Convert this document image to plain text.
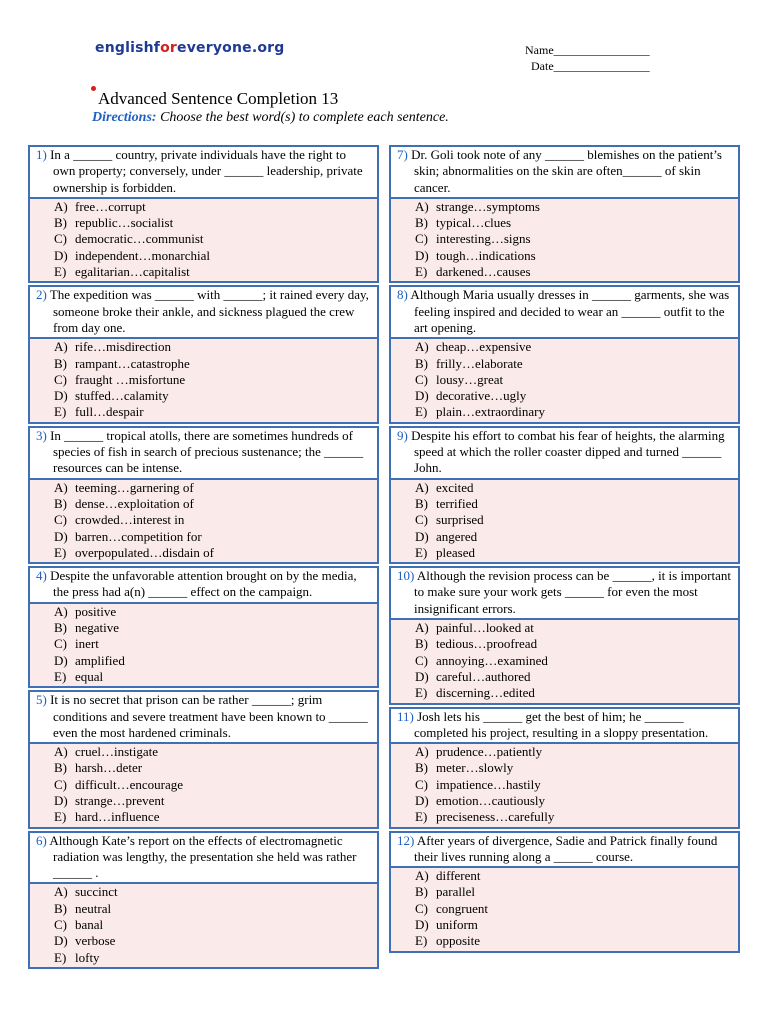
englishforeveryone.org	Name________________
Date________________
Advanced Sentence Completion 13
Directions: Choose the best word(s) to complete each sentence.
1) In a ______ country, private individuals have the right to own property; conversely, under ______ leadership, private ownership is forbidden.
A) free…corrupt
B) republic…socialist
C) democratic…communist
D) independent…monarchial
E) egalitarian…capitalist
2) The expedition was ______ with ______; it rained every day, someone broke their ankle, and sickness plagued the crew from day one.
A) rife…misdirection
B) rampant…catastrophe
C) fraught …misfortune
D) stuffed…calamity
E) full…despair
3) In ______ tropical atolls, there are sometimes hundreds of species of fish in search of precious sustenance; the ______ resources can be intense.
A) teeming…garnering of
B) dense…exploitation of
C) crowded…interest in
D) barren…competition for
E) overpopulated…disdain of
4) Despite the unfavorable attention brought on by the media, the press had a(n) ______ effect on the campaign.
A) positive
B) negative
C) inert
D) amplified
E) equal
5) It is no secret that prison can be rather ______; grim conditions and severe treatment have been known to ______ even the most hardened criminals.
A) cruel…instigate
B) harsh…deter
C) difficult…encourage
D) strange…prevent
E) hard…influence
6) Although Kate’s report on the effects of electromagnetic radiation was lengthy, the presentation she held was rather ______ .
A) succinct
B) neutral
C) banal
D) verbose
E) lofty
7) Dr. Goli took note of any ______ blemishes on the patient’s skin; abnormalities on the skin are often______ of skin cancer.
A) strange…symptoms
B) typical…clues
C) interesting…signs
D) tough…indications
E) darkened…causes
8) Although Maria usually dresses in ______ garments, she was feeling inspired and decided to wear an ______ outfit to the art opening.
A) cheap…expensive
B) frilly…elaborate
C) lousy…great
D) decorative…ugly
E) plain…extraordinary
9) Despite his effort to combat his fear of heights, the alarming speed at which the roller coaster dipped and turned ______ John.
A) excited
B) terrified
C) surprised
D) angered
E) pleased
10) Although the revision process can be ______, it is important to make sure your work gets ______ for even the most insignificant errors.
A) painful…looked at
B) tedious…proofread
C) annoying…examined
D) careful…authored
E) discerning…edited
11) Josh lets his ______ get the best of him; he ______ completed his project, resulting in a sloppy presentation.
A) prudence…patiently
B) meter…slowly
C) impatience…hastily
D) emotion…cautiously
E) preciseness…carefully
12) After years of divergence, Sadie and Patrick finally found their lives running along a ______ course.
A) different
B) parallel
C) congruent
D) uniform
E) opposite
